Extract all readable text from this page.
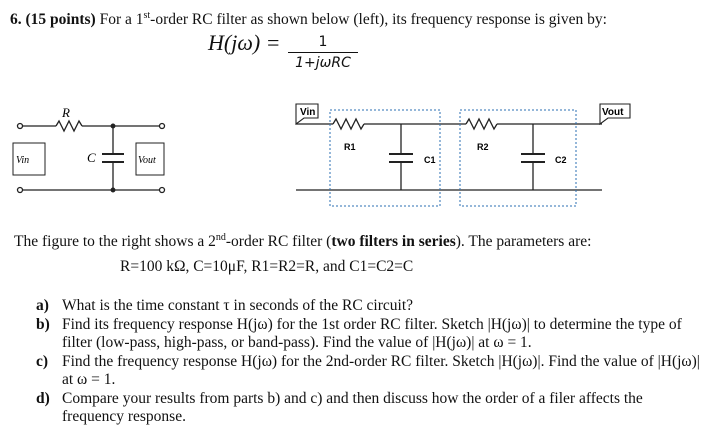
6. (15 points) For a 1st-order RC filter as shown below (left), its frequency response is given by:
H(jω) =	1
1+jωRC
R
C
Vin	Vout
Vin	Vout
R1	R2
C1	C2
The figure to the right shows a 2nd-order RC filter (two filters in series). The parameters are:
R=100 kΩ, C=10μF, R1=R2=R, and C1=C2=C
a) What is the time constant τ in seconds of the RC circuit?
b) Find its frequency response H(jω) for the 1st order RC filter. Sketch |H(jω)| to determine the type of filter (low-pass, high-pass, or band-pass). Find the value of |H(jω)| at ω = 1.
c) Find the frequency response H(jω) for the 2nd-order RC filter. Sketch |H(jω)|. Find the value of |H(jω)| at ω = 1.
d) Compare your results from parts b) and c) and then discuss how the order of a filer affects the frequency response.
